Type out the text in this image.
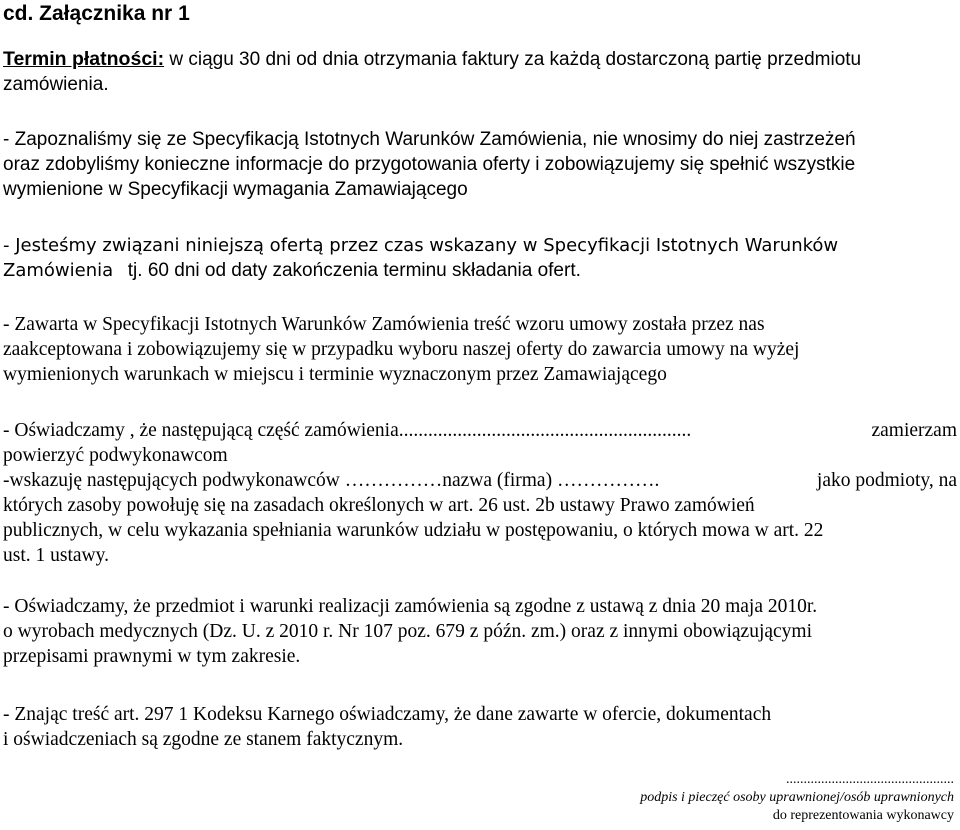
cd. Załącznika nr 1
Termin płatności: w ciągu 30 dni od dnia otrzymania faktury za każdą dostarczoną partię przedmiotu
zamówienia.
- Zapoznaliśmy się ze Specyfikacją Istotnych Warunków Zamówienia, nie wnosimy do niej zastrzeżeń
oraz zdobyliśmy konieczne informacje do przygotowania oferty i zobowiązujemy się spełnić wszystkie
wymienione w Specyfikacji wymagania Zamawiającego
- Jesteśmy związani niniejszą ofertą przez czas wskazany w Specyfikacji Istotnych Warunków
Zamówienia tj. 60 dni od daty zakończenia terminu składania ofert.
- Zawarta w Specyfikacji Istotnych Warunków Zamówienia treść wzoru umowy została przez nas
zaakceptowana i zobowiązujemy się w przypadku wyboru naszej oferty do zawarcia umowy na wyżej
wymienionych warunkach w miejscu i terminie wyznaczonym przez Zamawiającego
- Oświadczamy , że następującą część zamówienia............................................................	zamierzam
powierzyć podwykonawcom
-wskazuję następujących podwykonawców ……………nazwa (firma) …………….	jako podmioty, na
których zasoby powołuję się na zasadach określonych w art. 26 ust. 2b ustawy Prawo zamówień
publicznych, w celu wykazania spełniania warunków udziału w postępowaniu, o których mowa w art. 22
ust. 1 ustawy.
- Oświadczamy, że przedmiot i warunki realizacji zamówienia są zgodne z ustawą z dnia 20 maja 2010r.
o wyrobach medycznych (Dz. U. z 2010 r. Nr 107 poz. 679 z późn. zm.) oraz z innymi obowiązującymi
przepisami prawnymi w tym zakresie.
- Znając treść art. 297 1 Kodeksu Karnego oświadczamy, że dane zawarte w ofercie, dokumentach
i oświadczeniach są zgodne ze stanem faktycznym.
................................................
podpis i pieczęć osoby uprawnionej/osób uprawnionych
do reprezentowania wykonawcy
